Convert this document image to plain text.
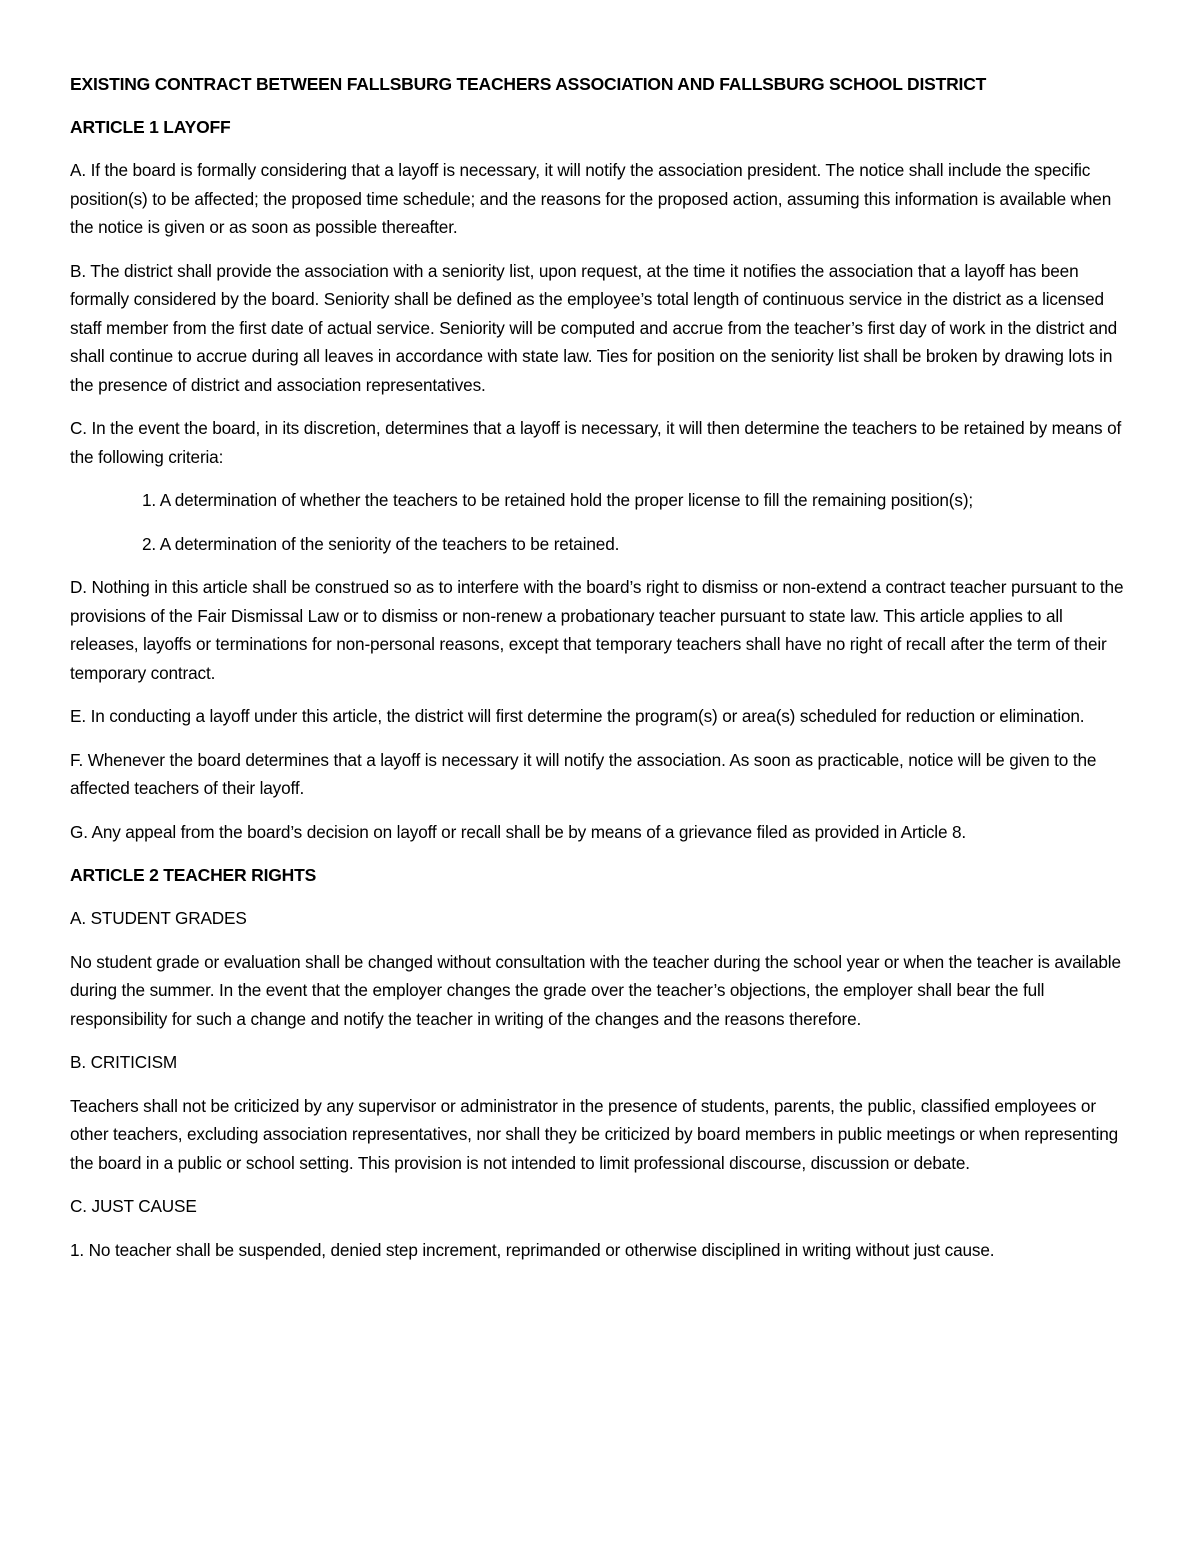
EXISTING CONTRACT BETWEEN FALLSBURG TEACHERS ASSOCIATION AND FALLSBURG SCHOOL DISTRICT
ARTICLE 1 LAYOFF

A. If the board is formally considering that a layoff is necessary, it will notify the association president. The notice shall include the specific position(s) to be affected; the proposed time schedule; and the reasons for the proposed action, assuming this information is available when the notice is given or as soon as possible thereafter.

B. The district shall provide the association with a seniority list, upon request, at the time it notifies the association that a layoff has been formally considered by the board. Seniority shall be defined as the employee’s total length of continuous service in the district as a licensed staff member from the first date of actual service. Seniority will be computed and accrue from the teacher’s first day of work in the district and shall continue to accrue during all leaves in accordance with state law. Ties for position on the seniority list shall be broken by drawing lots in the presence of district and association representatives.

C. In the event the board, in its discretion, determines that a layoff is necessary, it will then determine the teachers to be retained by means of the following criteria:

1. A determination of whether the teachers to be retained hold the proper license to fill the remaining position(s);

2. A determination of the seniority of the teachers to be retained.

D. Nothing in this article shall be construed so as to interfere with the board’s right to dismiss or non-extend a contract teacher pursuant to the provisions of the Fair Dismissal Law or to dismiss or non-renew a probationary teacher pursuant to state law. This article applies to all releases, layoffs or terminations for non-personal reasons, except that temporary teachers shall have no right of recall after the term of their temporary contract.

E. In conducting a layoff under this article, the district will first determine the program(s) or area(s) scheduled for reduction or elimination.

F. Whenever the board determines that a layoff is necessary it will notify the association. As soon as practicable, notice will be given to the affected teachers of their layoff.

G. Any appeal from the board’s decision on layoff or recall shall be by means of a grievance filed as provided in Article 8.

ARTICLE 2 TEACHER RIGHTS

A. STUDENT GRADES

No student grade or evaluation shall be changed without consultation with the teacher during the school year or when the teacher is available during the summer. In the event that the employer changes the grade over the teacher’s objections, the employer shall bear the full responsibility for such a change and notify the teacher in writing of the changes and the reasons therefore.

B. CRITICISM

Teachers shall not be criticized by any supervisor or administrator in the presence of students, parents, the public, classified employees or other teachers, excluding association representatives, nor shall they be criticized by board members in public meetings or when representing the board in a public or school setting. This provision is not intended to limit professional discourse, discussion or debate.

C. JUST CAUSE

1. No teacher shall be suspended, denied step increment, reprimanded or otherwise disciplined in writing without just cause.
